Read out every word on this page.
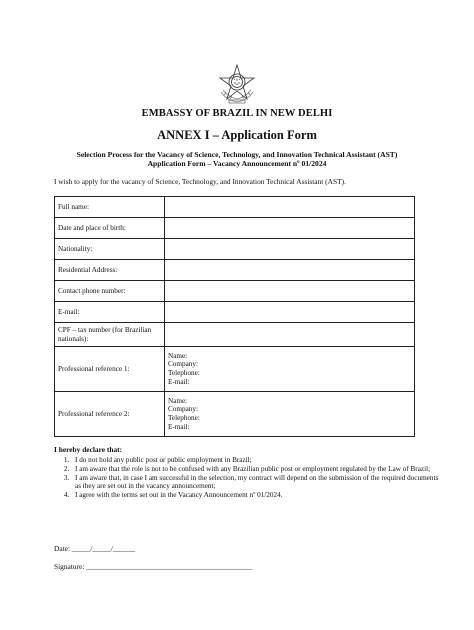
EMBASSY OF BRAZIL IN NEW DELHI
ANNEX I – Application Form
Selection Process for the Vacancy of Science, Technology, and Innovation Technical Assistant (AST)
Application Form – Vacancy Announcement nº 01/2024
I wish to apply for the vacancy of Science, Technology, and Innovation Technical Assistant (AST).
Full name:	
Date and place of birth:	
Nationality:	
Residential Address:	
Contact phone number:	
E-mail:	
CPF – tax number (for Brazilian nationals):	
Professional reference 1:	Name:
Company:
Telephone:
E-mail:

Professional reference 2:	Name:
Company:
Telephone:
E-mail:
I hereby declare that:
1. I do not hold any public post or public employment in Brazil;
2. I am aware that the role is not to be confused with any Brazilian public post or employment regulated by the Law of Brazil;
3. I am aware that, in case I am successful in the selection, my contract will depend on the submission of the required documents as they are set out in the vacancy announcement;
4. I agree with the terms set out in the Vacancy Announcement nº 01/2024.
Date: _____/_____/______
Signature: _____________________________________________
